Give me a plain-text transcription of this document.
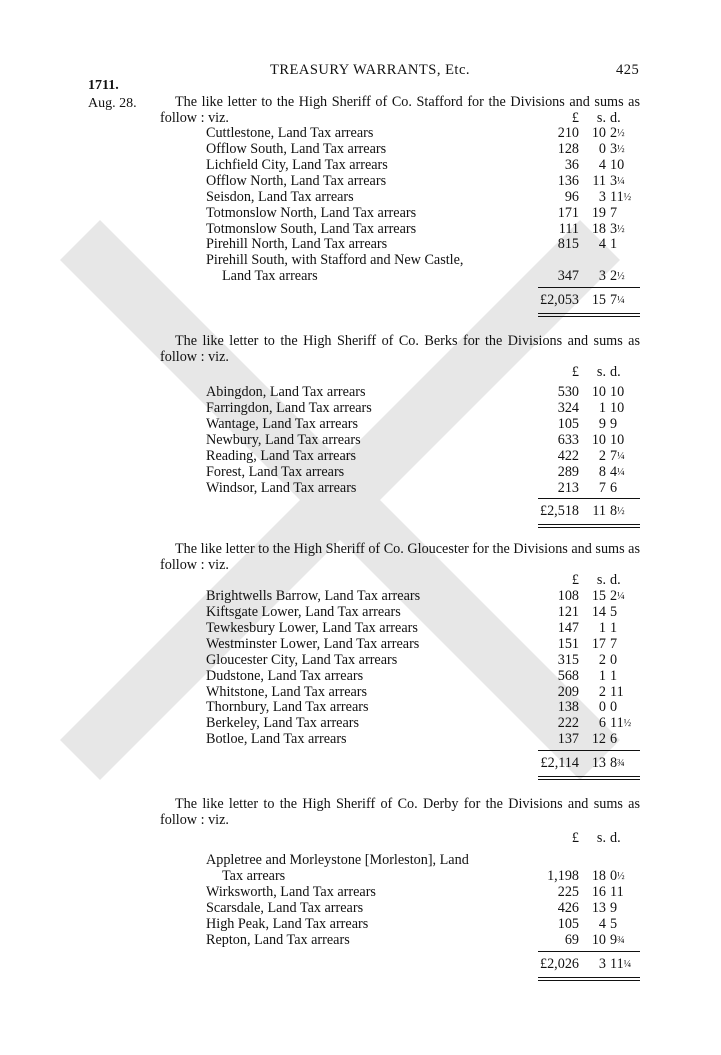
TREASURY WARRANTS, Etc.	425
1711.
Aug. 28.	The like letter to the High Sheriff of Co. Stafford for the Divisions and sums as follow : viz.	£	s. d.
Cuttlestone, Land Tax arrears	210 10 2½
Offlow South, Land Tax arrears	128	0 3½
Lichfield City, Land Tax arrears	36	4 10
Offlow North, Land Tax arrears	136 11 3¼
Seisdon, Land Tax arrears	96	3 11½
Totmonslow North, Land Tax arrears	171 19 7
Totmonslow South, Land Tax arrears	111 18 3½
Pirehill North, Land Tax arrears	815	4 1
Pirehill South, with Stafford and New Castle,
Land Tax arrears	347	3 2½
£2,053 15 7¼

The like letter to the High Sheriff of Co. Berks for the Divisions and sums as follow : viz.

£	s. d.
Abingdon, Land Tax arrears	530 10 10
Farringdon, Land Tax arrears	324	1 10
Wantage, Land Tax arrears	105	9 9
Newbury, Land Tax arrears	633 10 10
Reading, Land Tax arrears	422	2 7¼
Forest, Land Tax arrears	289	8 4¼
Windsor, Land Tax arrears	213	7 6
£2,518 11 8½

The like letter to the High Sheriff of Co. Gloucester for the Divisions and sums as follow : viz.

£	s. d.
Brightwells Barrow, Land Tax arrears	108 15 2¼
Kiftsgate Lower, Land Tax arrears	121 14 5
Tewkesbury Lower, Land Tax arrears	147	1 1
Westminster Lower, Land Tax arrears	151 17 7
Gloucester City, Land Tax arrears	315	2 0
Dudstone, Land Tax arrears	568	1 1
Whitstone, Land Tax arrears	209	2 11
Thornbury, Land Tax arrears	138	0 0
Berkeley, Land Tax arrears	222	6 11½
Botloe, Land Tax arrears	137 12 6
£2,114 13 8¾

The like letter to the High Sheriff of Co. Derby for the Divisions and sums as follow : viz.

£	s. d.
Appletree and Morleystone [Morleston], Land
Tax arrears	1,198 18 0½
Wirksworth, Land Tax arrears	225 16 11
Scarsdale, Land Tax arrears	426 13 9
High Peak, Land Tax arrears	105	4 5
Repton, Land Tax arrears	69 10 9¾
£2,026	3 11¼
